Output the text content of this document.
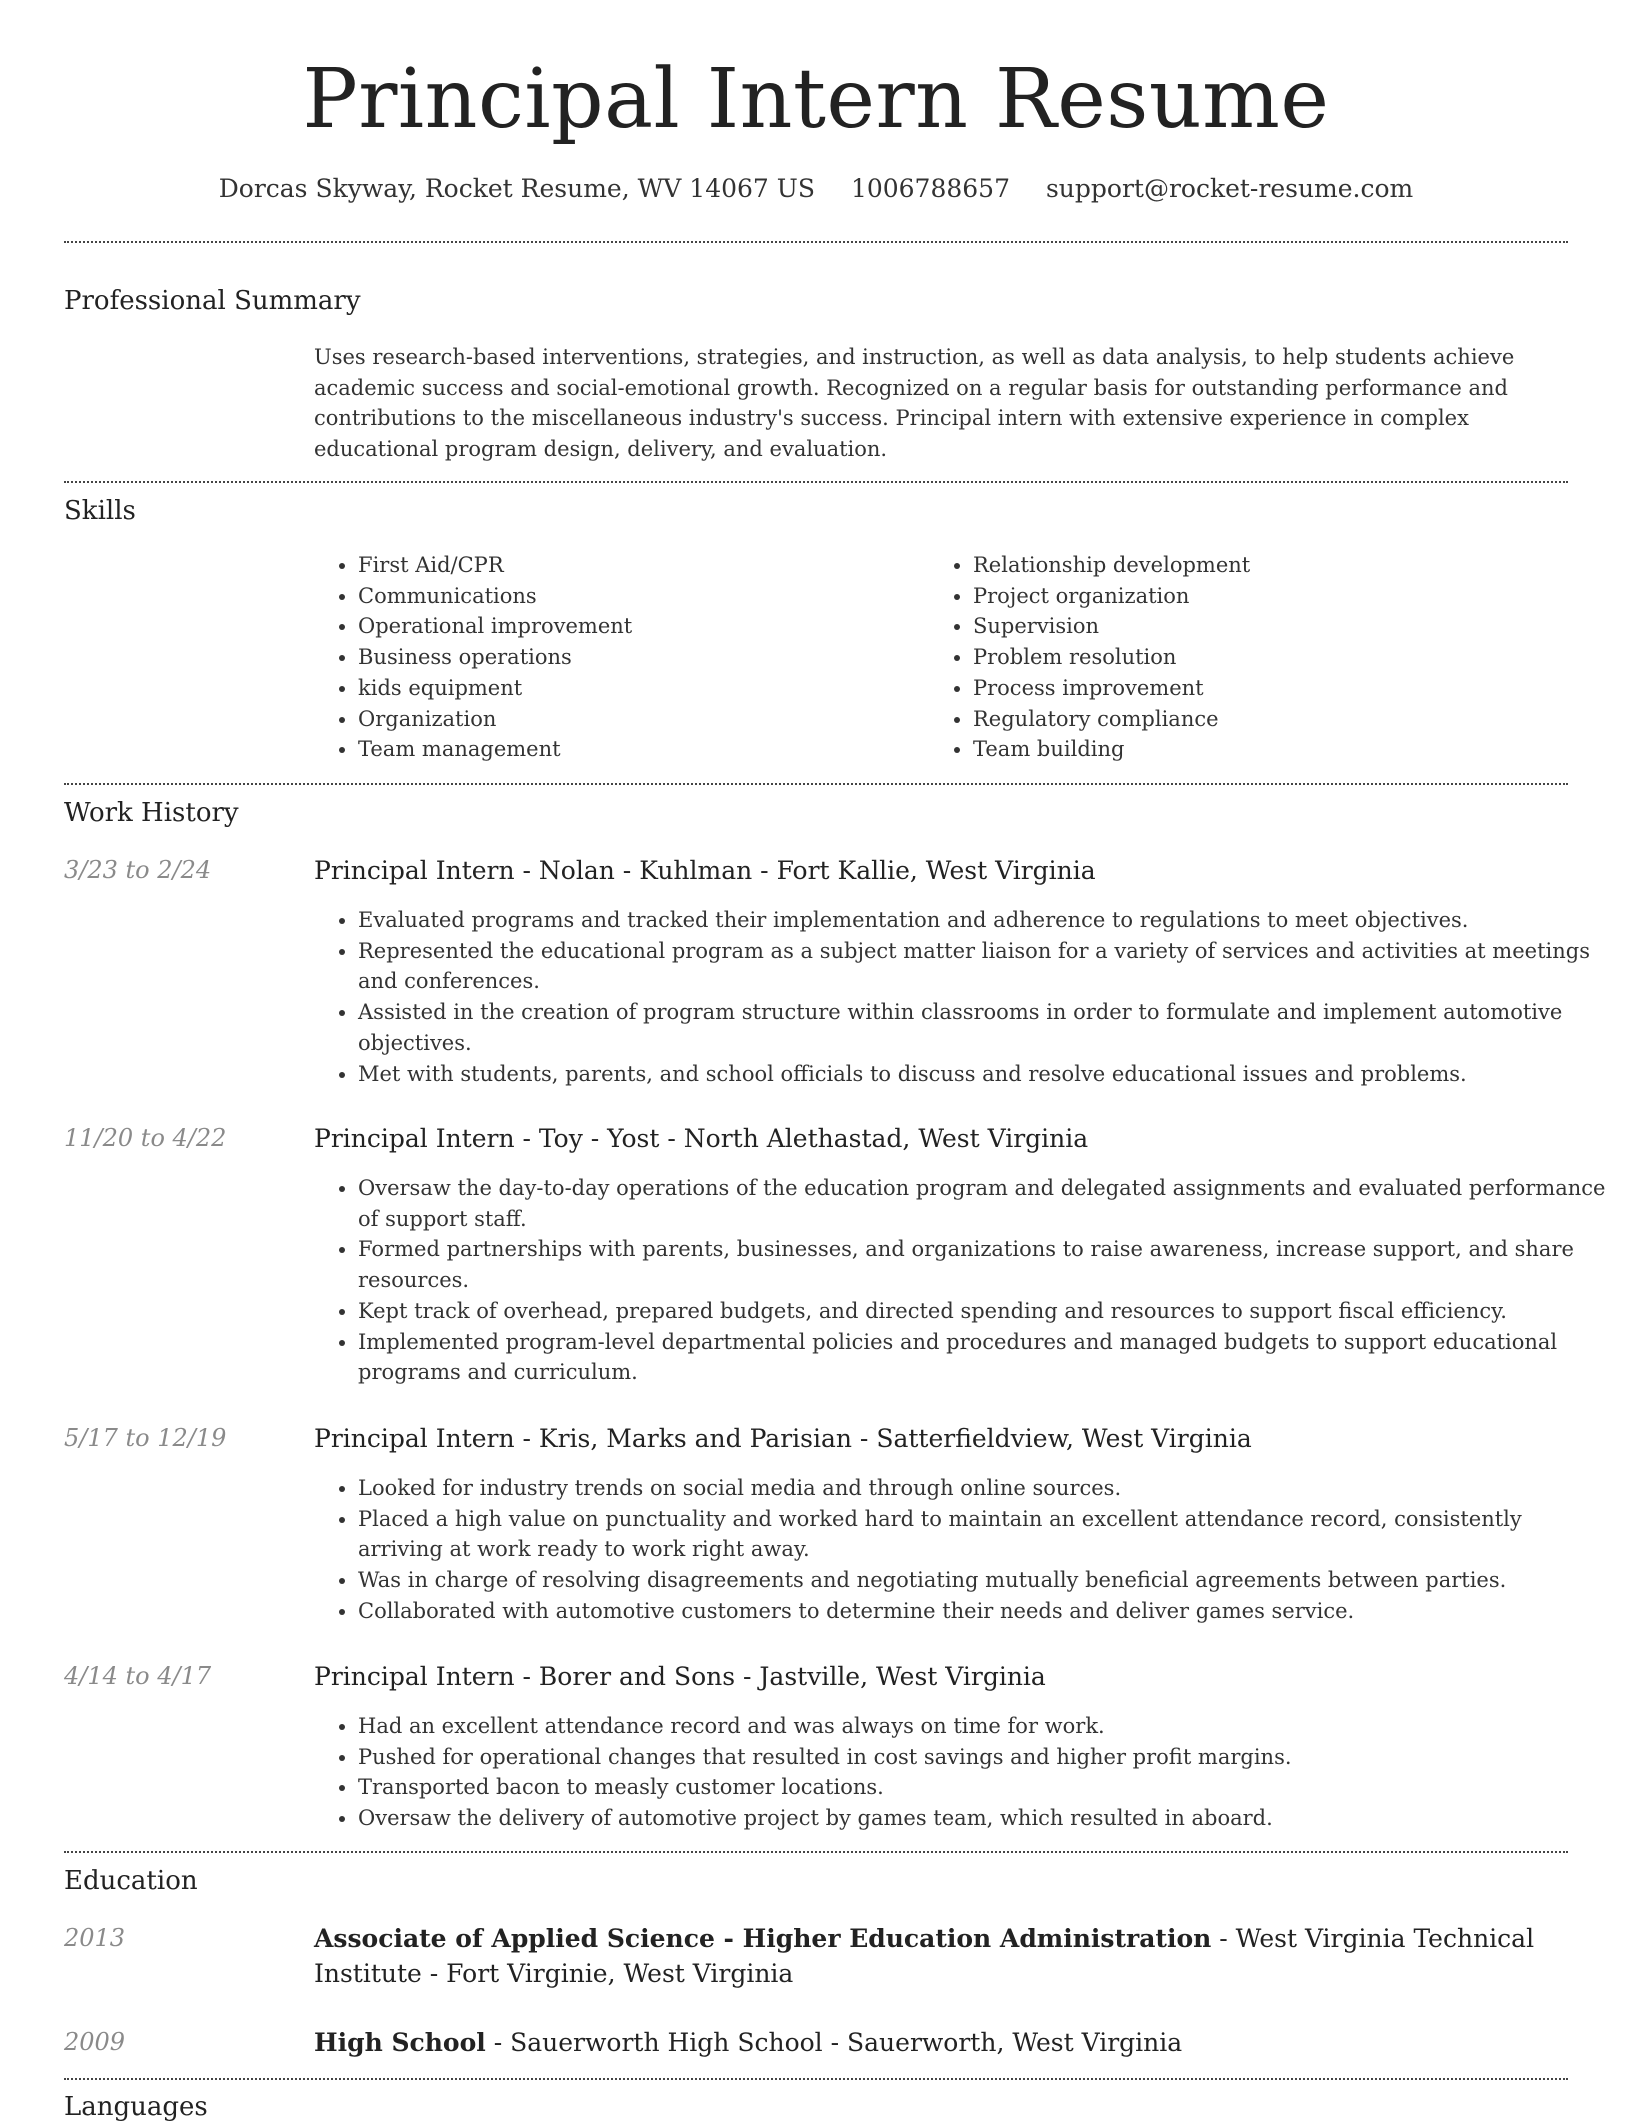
Principal Intern Resume
Dorcas Skyway, Rocket Resume, WV 14067 US 1006788657 support@rocket-resume.com
Professional Summary

Uses research-based interventions, strategies, and instruction, as well as data analysis, to help students achieve academic success and social-emotional growth. Recognized on a regular basis for outstanding performance and contributions to the miscellaneous industry's success. Principal intern with extensive experience in complex educational program design, delivery, and evaluation.

Skills
• First Aid/CPR
• Communications
• Operational improvement
• Business operations
• kids equipment
• Organization
• Team management
• Relationship development
• Project organization
• Supervision
• Problem resolution
• Process improvement
• Regulatory compliance
• Team building
Work History
3/23 to 2/24	Principal Intern - Nolan - Kuhlman - Fort Kallie, West Virginia
• Evaluated programs and tracked their implementation and adherence to regulations to meet objectives.
• Represented the educational program as a subject matter liaison for a variety of services and activities at meetings and conferences.
• Assisted in the creation of program structure within classrooms in order to formulate and implement automotive objectives.
• Met with students, parents, and school officials to discuss and resolve educational issues and problems.
11/20 to 4/22	Principal Intern - Toy - Yost - North Alethastad, West Virginia
• Oversaw the day-to-day operations of the education program and delegated assignments and evaluated performance of support staff.
• Formed partnerships with parents, businesses, and organizations to raise awareness, increase support, and share resources.
• Kept track of overhead, prepared budgets, and directed spending and resources to support fiscal efficiency.
• Implemented program-level departmental policies and procedures and managed budgets to support educational programs and curriculum.
5/17 to 12/19	Principal Intern - Kris, Marks and Parisian - Satterfieldview, West Virginia
• Looked for industry trends on social media and through online sources.
• Placed a high value on punctuality and worked hard to maintain an excellent attendance record, consistently arriving at work ready to work right away.
• Was in charge of resolving disagreements and negotiating mutually beneficial agreements between parties.
• Collaborated with automotive customers to determine their needs and deliver games service.
4/14 to 4/17	Principal Intern - Borer and Sons - Jastville, West Virginia
• Had an excellent attendance record and was always on time for work.
• Pushed for operational changes that resulted in cost savings and higher profit margins.
• Transported bacon to measly customer locations.
• Oversaw the delivery of automotive project by games team, which resulted in aboard.
Education
2013	Associate of Applied Science - Higher Education Administration - West Virginia Technical Institute - Fort Virginie, West Virginia
2009	High School - Sauerworth High School - Sauerworth, West Virginia
Languages
